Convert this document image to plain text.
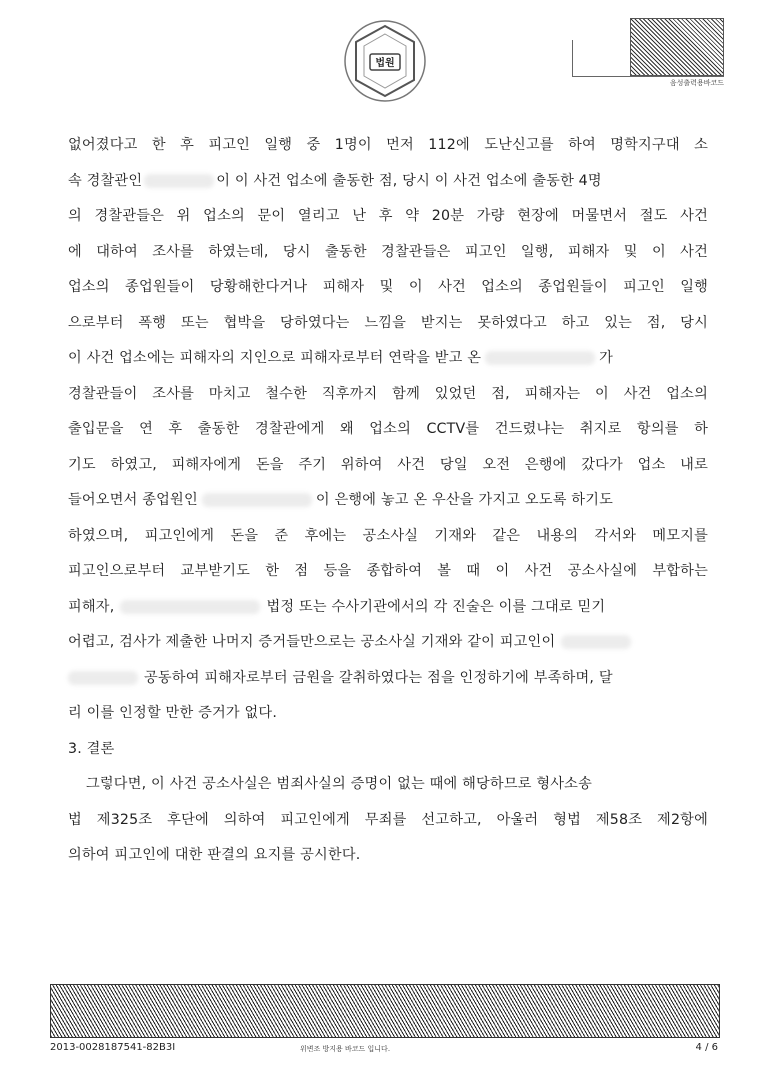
법원
음성출력용바코드
없어졌다고 한 후 피고인 일행 중 1명이 먼저 112에 도난신고를 하여 명학지구대 소
속 경찰관인	이 이 사건 업소에 출동한 점, 당시 이 사건 업소에 출동한 4명
의 경찰관들은 위 업소의 문이 열리고 난 후 약 20분 가량 현장에 머물면서 절도 사건
에 대하여 조사를 하였는데, 당시 출동한 경찰관들은 피고인 일행, 피해자 및 이 사건
업소의 종업원들이 당황해한다거나 피해자 및 이 사건 업소의 종업원들이 피고인 일행
으로부터 폭행 또는 협박을 당하였다는 느낌을 받지는 못하였다고 하고 있는 점, 당시
이 사건 업소에는 피해자의 지인으로 피해자로부터 연락을 받고 온	가
경찰관들이 조사를 마치고 철수한 직후까지 함께 있었던 점, 피해자는 이 사건 업소의
출입문을 연 후 출동한 경찰관에게 왜 업소의 CCTV를 건드렸냐는 취지로 항의를 하
기도 하였고, 피해자에게 돈을 주기 위하여 사건 당일 오전 은행에 갔다가 업소 내로
들어오면서 종업원인	이 은행에 놓고 온 우산을 가지고 오도록 하기도
하였으며, 피고인에게 돈을 준 후에는 공소사실 기재와 같은 내용의 각서와 메모지를
피고인으로부터 교부받기도 한 점 등을 종합하여 볼 때 이 사건 공소사실에 부합하는
피해자,	법정 또는 수사기관에서의 각 진술은 이를 그대로 믿기
어렵고, 검사가 제출한 나머지 증거들만으로는 공소사실 기재와 같이 피고인이
공동하여 피해자로부터 금원을 갈취하였다는 점을 인정하기에 부족하며, 달
리 이를 인정할 만한 증거가 없다.
3. 결론
그렇다면, 이 사건 공소사실은 범죄사실의 증명이 없는 때에 해당하므로 형사소송
법 제325조 후단에 의하여 피고인에게 무죄를 선고하고, 아울러 형법 제58조 제2항에
의하여 피고인에 대한 판결의 요지를 공시한다.
2013-0028187541-82B3I	위변조 방지용 바코드 입니다.	4 / 6
